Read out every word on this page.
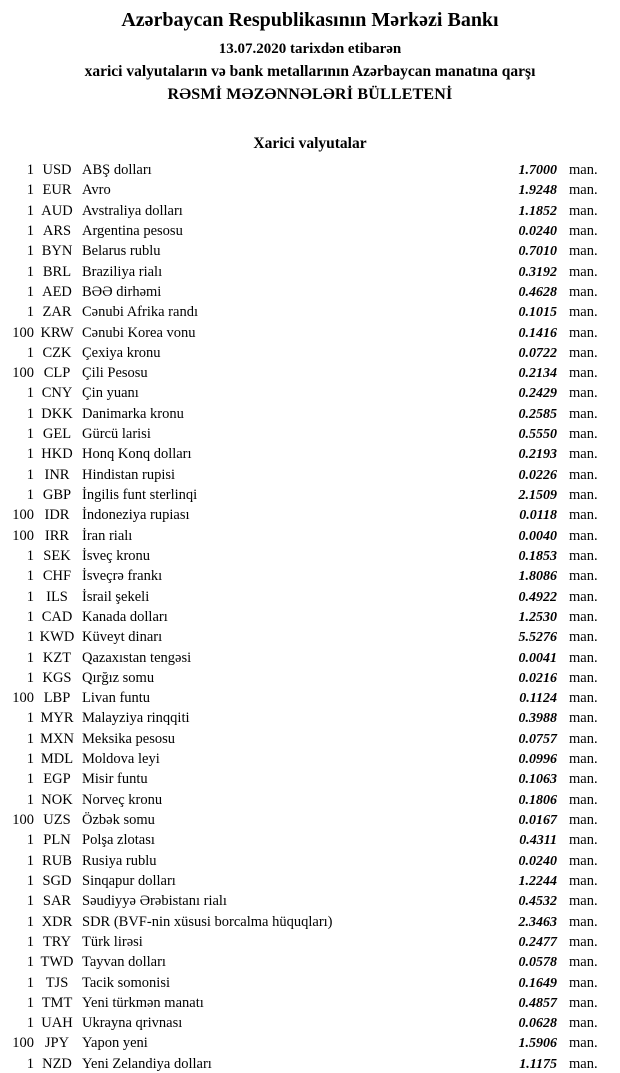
Azərbaycan Respublikasının Mərkəzi Bankı
13.07.2020 tarixdən etibarən
xarici valyutaların və bank metallarının Azərbaycan manatına qarşı
RƏSMİ MƏZƏNNƏLƏRİ BÜLLETENİ
Xarici valyutalar
1 USD ABŞ dolları	1.7000 man.
1 EUR Avro	1.9248 man.
1 AUD Avstraliya dolları	1.1852 man.
1 ARS Argentina pesosu	0.0240 man.
1 BYN Belarus rublu	0.7010 man.
1 BRL Braziliya rialı	0.3192 man.
1 AED BƏƏ dirhəmi	0.4628 man.
1 ZAR Cənubi Afrika randı	0.1015 man.
100 KRW Cənubi Korea vonu	0.1416 man.
1 CZK Çexiya kronu	0.0722 man.
100 CLP Çili Pesosu	0.2134 man.
1 CNY Çin yuanı	0.2429 man.
1 DKK Danimarka kronu	0.2585 man.
1 GEL Gürcü larisi	0.5550 man.
1 HKD Honq Konq dolları	0.2193 man.
1 INR Hindistan rupisi	0.0226 man.
1 GBP İngilis funt sterlinqi	2.1509 man.
100 IDR İndoneziya rupiası	0.0118 man.
100 IRR İran rialı	0.0040 man.
1 SEK İsveç kronu	0.1853 man.
1 CHF İsveçrə frankı	1.8086 man.
1 ILS İsrail şekeli	0.4922 man.
1 CAD Kanada dolları	1.2530 man.
1 KWD Küveyt dinarı	5.5276 man.
1 KZT Qazaxıstan tengəsi	0.0041 man.
1 KGS Qırğız somu	0.0216 man.
100 LBP Livan funtu	0.1124 man.
1 MYR Malayziya rinqqiti	0.3988 man.
1 MXN Meksika pesosu	0.0757 man.
1 MDL Moldova leyi	0.0996 man.
1 EGP Misir funtu	0.1063 man.
1 NOK Norveç kronu	0.1806 man.
100 UZS Özbək somu	0.0167 man.
1 PLN Polşa zlotası	0.4311 man.
1 RUB Rusiya rublu	0.0240 man.
1 SGD Sinqapur dolları	1.2244 man.
1 SAR Səudiyyə Ərəbistanı rialı	0.4532 man.
1 XDR SDR (BVF-nin xüsusi borcalma hüquqları)	2.3463 man.
1 TRY Türk lirəsi	0.2477 man.
1 TWD Tayvan dolları	0.0578 man.
1 TJS Tacik somonisi	0.1649 man.
1 TMT Yeni türkmən manatı	0.4857 man.
1 UAH Ukrayna qrivnası	0.0628 man.
100 JPY Yapon yeni	1.5906 man.
1 NZD Yeni Zelandiya dolları	1.1175 man.
